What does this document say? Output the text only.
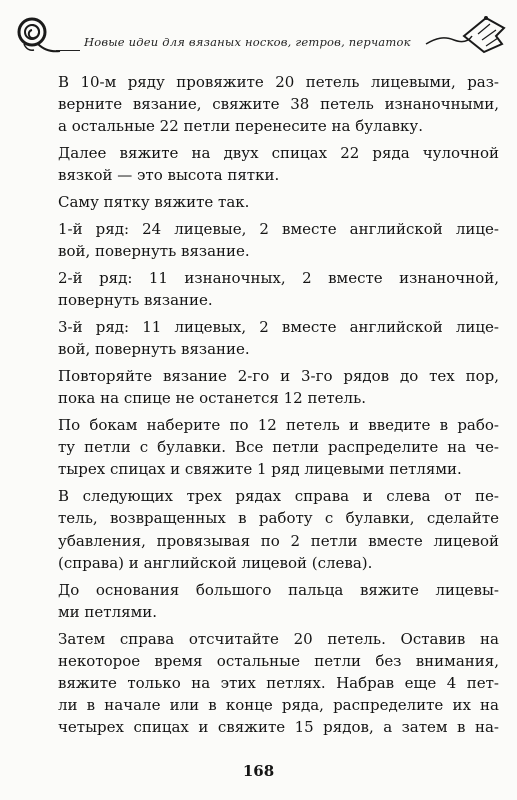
Новые идеи для вязаных носков, гетров, перчаток

В 10-м ряду провяжите 20 петель лицевыми, раз-
верните вязание, свяжите 38 петель изнаночными,
а остальные 22 петли перенесите на булавку.

Далее вяжите на двух спицах 22 ряда чулочной
вязкой — это высота пятки.

Саму пятку вяжите так.

1-й ряд: 24 лицевые, 2 вместе английской лице-
вой, повернуть вязание.

2-й ряд: 11 изнаночных, 2 вместе изнаночной,
повернуть вязание.

3-й ряд: 11 лицевых, 2 вместе английской лице-
вой, повернуть вязание.

Повторяйте вязание 2-го и 3-го рядов до тех пор,
пока на спице не останется 12 петель.

По бокам наберите по 12 петель и введите в рабо-
ту петли с булавки. Все петли распределите на че-
тырех спицах и свяжите 1 ряд лицевыми петлями.

В следующих трех рядах справа и слева от пе-
тель, возвращенных в работу с булавки, сделайте
убавления, провязывая по 2 петли вместе лицевой
(справа) и английской лицевой (слева).

До основания большого пальца вяжите лицевы-
ми петлями.

Затем справа отсчитайте 20 петель. Оставив на
некоторое время остальные петли без внимания,
вяжите только на этих петлях. Набрав еще 4 пет-
ли в начале или в конце ряда, распределите их на
четырех спицах и свяжите 15 рядов, а затем в на-

168
